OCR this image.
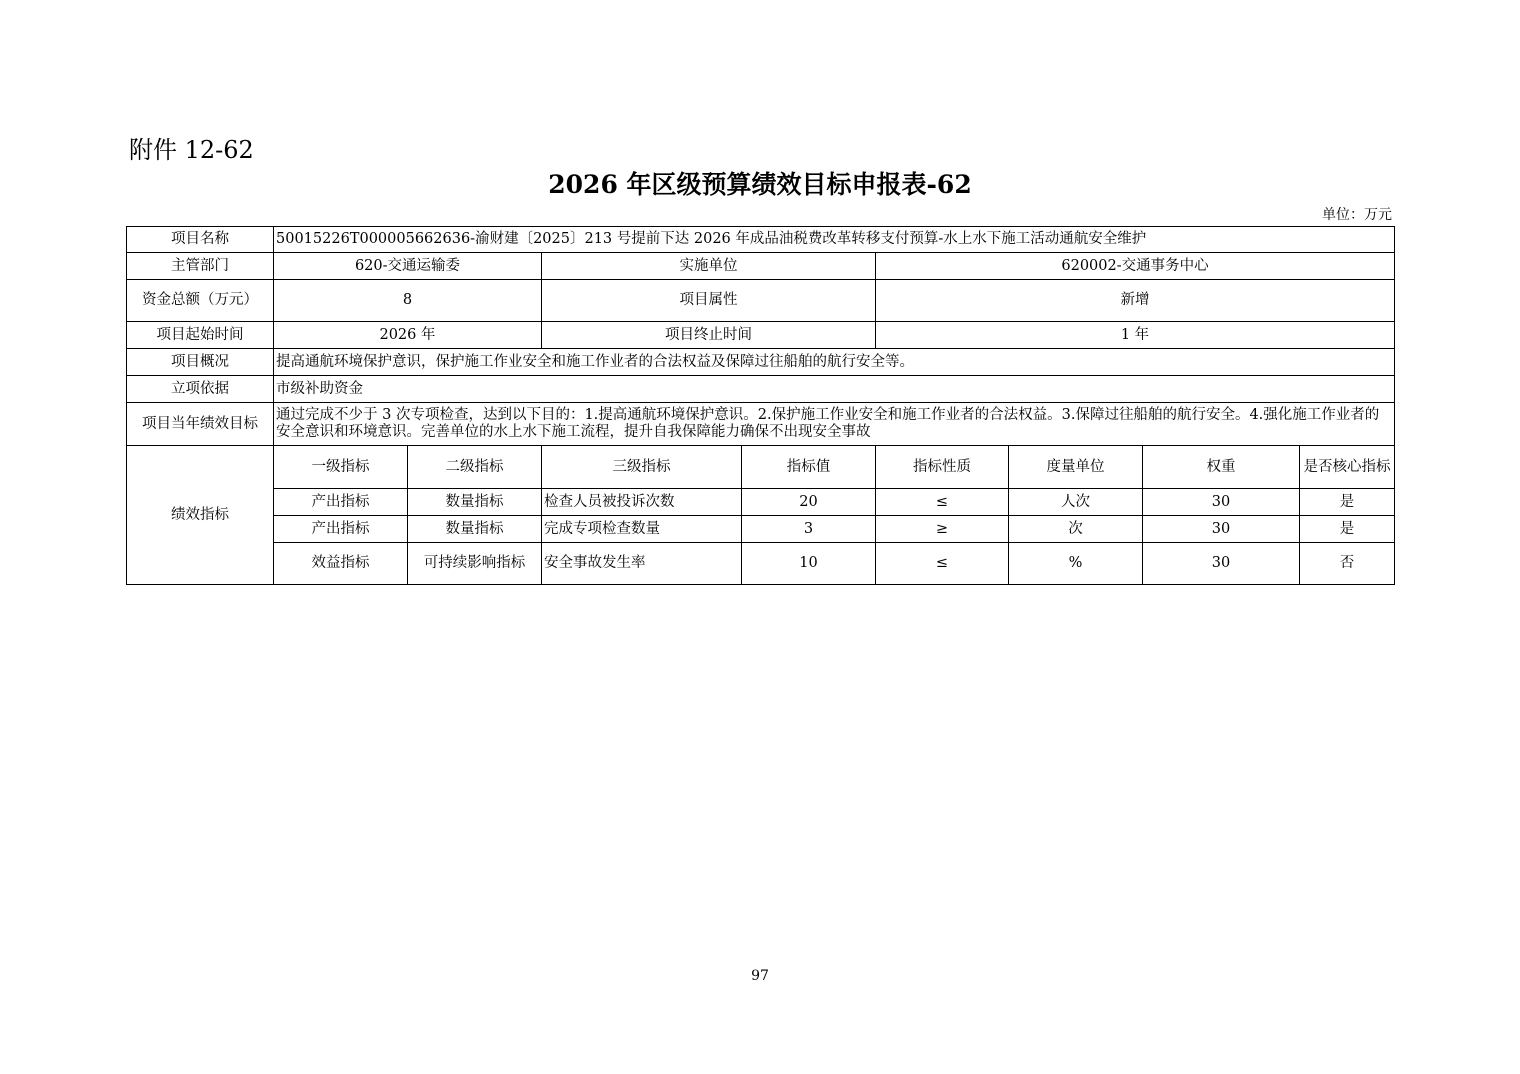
附件 12-62
2026 年区级预算绩效目标申报表-62
单位：万元
项目名称	50015226T000005662636-渝财建〔2025〕213 号提前下达 2026 年成品油税费改革转移支付预算-水上水下施工活动通航安全维护							
主管部门	620-交通运输委		实施单位		620002-交通事务中心			
资金总额（万元）	8		项目属性		新增			
项目起始时间	2026 年		项目终止时间		1 年			
项目概况	提高通航环境保护意识，保护施工作业安全和施工作业者的合法权益及保障过往船舶的航行安全等。							
立项依据	市级补助资金							
项目当年绩效目标	通过完成不少于 3 次专项检查，达到以下目的：1.提高通航环境保护意识。2.保护施工作业安全和施工作业者的合法权益。3.保障过往船舶的航行安全。4.强化施工作业者的安全意识和环境意识。完善单位的水上水下施工流程，提升自我保障能力确保不出现安全事故							
绩效指标	一级指标	二级指标	三级指标	指标值	指标性质	度量单位	权重	是否核心指标
	产出指标	数量指标	检查人员被投诉次数	20	≤	人次	30	是
	产出指标	数量指标	完成专项检查数量	3	≥	次	30	是
	效益指标	可持续影响指标	安全事故发生率	10	≤	%	30	否
97
